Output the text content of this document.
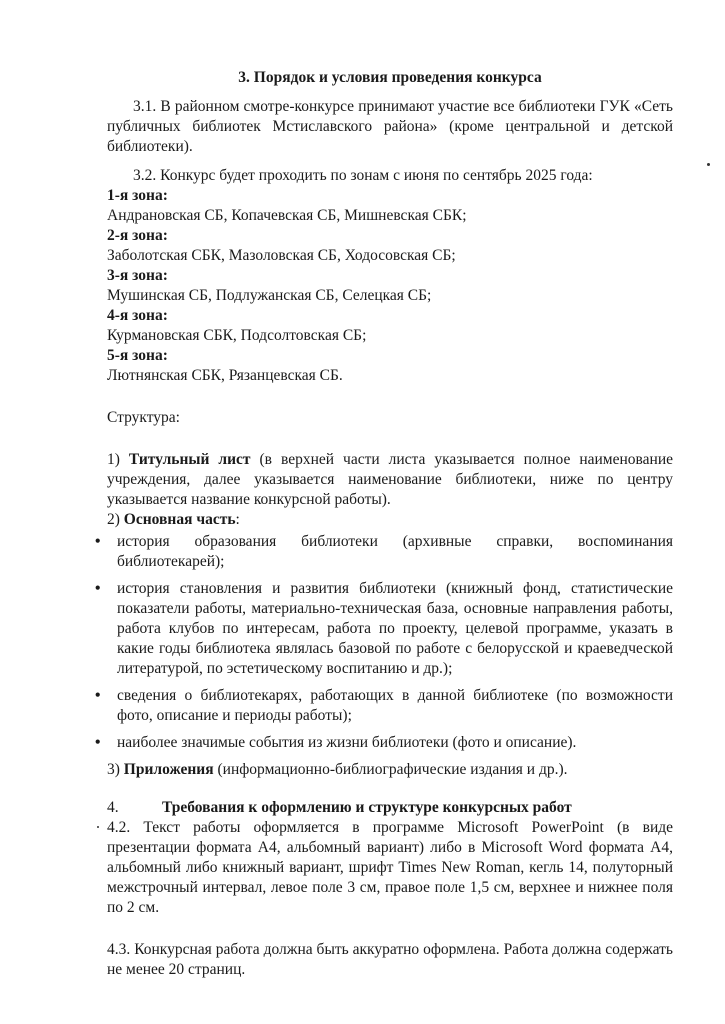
3. Порядок и условия проведения конкурса

3.1. В районном смотре-конкурсе принимают участие все библиотеки ГУК «Сеть публичных библиотек Мстиславского района» (кроме центральной и детской библиотеки).

3.2. Конкурс будет проходить по зонам с июня по сентябрь 2025 года:

1-я зона:

Андрановская СБ, Копачевская СБ, Мишневская СБК;

2-я зона:

Заболотская СБК, Мазоловская СБ, Ходосовская СБ;

3-я зона:

Мушинская СБ, Подлужанская СБ, Селецкая СБ;

4-я зона:

Курмановская СБК, Подсолтовская СБ;

5-я зона:

Лютнянская СБК, Рязанцевская СБ.

Структура:

1) Титульный лист (в верхней части листа указывается полное наименование учреждения, далее указывается наименование библиотеки, ниже по центру указывается название конкурсной работы).

2) Основная часть:

• история образования библиотеки (архивные справки, воспоминания библиотекарей);
• история становления и развития библиотеки (книжный фонд, статистические показатели работы, материально-техническая база, основные направления работы, работа клубов по интересам, работа по проекту, целевой программе, указать в какие годы библиотека являлась базовой по работе с белорусской и краеведческой литературой, по эстетическому воспитанию и др.);
• сведения о библиотекарях, работающих в данной библиотеке (по возможности фото, описание и периоды работы);
• наиболее значимые события из жизни библиотеки (фото и описание).

3) Приложения (информационно-библиографические издания и др.).

4.	Требования к оформлению и структуре конкурсных работ

4.2. Текст работы оформляется в программе Microsoft PowerPoint (в виде презентации формата А4, альбомный вариант) либо в Microsoft Word формата А4, альбомный либо книжный вариант, шрифт Times New Roman, кегль 14, полуторный межстрочный интервал, левое поле 3 см, правое поле 1,5 см, верхнее и нижнее поля по 2 см.

4.3. Конкурсная работа должна быть аккуратно оформлена. Работа должна содержать не менее 20 страниц.
